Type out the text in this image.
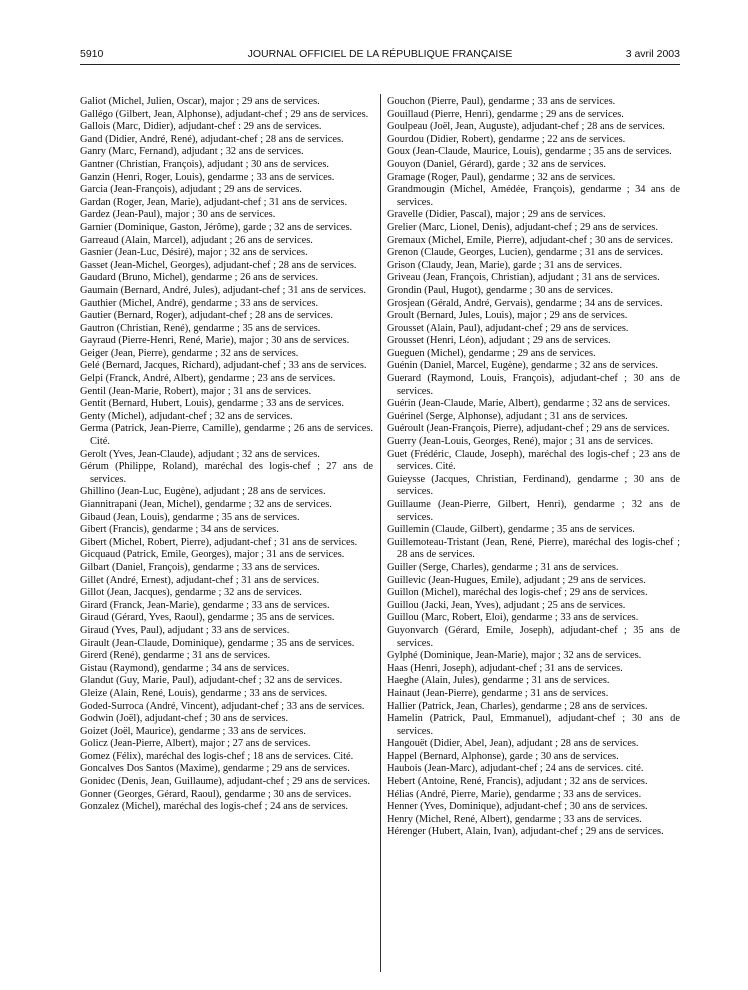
5910	JOURNAL OFFICIEL DE LA RÉPUBLIQUE FRANÇAISE	3 avril 2003

Galiot (Michel, Julien, Oscar), major ; 29 ans de services.

Gallégo (Gilbert, Jean, Alphonse), adjudant-chef ; 29 ans de services.

Gallois (Marc, Didier), adjudant-chef : 29 ans de services.

Gand (Didier, André, René), adjudant-chef ; 28 ans de services.

Ganry (Marc, Fernand), adjudant ; 32 ans de services.

Gantner (Christian, François), adjudant ; 30 ans de services.

Ganzin (Henri, Roger, Louis), gendarme ; 33 ans de services.

Garcia (Jean-François), adjudant ; 29 ans de services.

Gardan (Roger, Jean, Marie), adjudant-chef ; 31 ans de services.

Gardez (Jean-Paul), major ; 30 ans de services.

Garnier (Dominique, Gaston, Jérôme), garde ; 32 ans de services.

Garreaud (Alain, Marcel), adjudant ; 26 ans de services.

Gasnier (Jean-Luc, Désiré), major ; 32 ans de services.

Gasset (Jean-Michel, Georges), adjudant-chef ; 28 ans de services.

Gaudard (Bruno, Michel), gendarme ; 26 ans de services.

Gaumain (Bernard, André, Jules), adjudant-chef ; 31 ans de services.

Gauthier (Michel, André), gendarme ; 33 ans de services.

Gautier (Bernard, Roger), adjudant-chef ; 28 ans de services.

Gautron (Christian, René), gendarme ; 35 ans de services.

Gayraud (Pierre-Henri, René, Marie), major ; 30 ans de services.

Geiger (Jean, Pierre), gendarme ; 32 ans de services.

Gelé (Bernard, Jacques, Richard), adjudant-chef ; 33 ans de services.

Gelpi (Franck, André, Albert), gendarme ; 23 ans de services.

Gentil (Jean-Marie, Robert), major ; 31 ans de services.

Gentit (Bernard, Hubert, Louis), gendarme ; 33 ans de services.

Genty (Michel), adjudant-chef ; 32 ans de services.

Germa (Patrick, Jean-Pierre, Camille), gendarme ; 26 ans de services. Cité.

Gerolt (Yves, Jean-Claude), adjudant ; 32 ans de services.

Gérum (Philippe, Roland), maréchal des logis-chef ; 27 ans de services.

Ghillino (Jean-Luc, Eugène), adjudant ; 28 ans de services.

Giannitrapani (Jean, Michel), gendarme ; 32 ans de services.

Gibaud (Jean, Louis), gendarme ; 35 ans de services.

Gibert (Francis), gendarme ; 34 ans de services.

Gibert (Michel, Robert, Pierre), adjudant-chef ; 31 ans de services.

Gicquaud (Patrick, Emile, Georges), major ; 31 ans de services.

Gilbart (Daniel, François), gendarme ; 33 ans de services.

Gillet (André, Ernest), adjudant-chef ; 31 ans de services.

Gillot (Jean, Jacques), gendarme ; 32 ans de services.

Girard (Franck, Jean-Marie), gendarme ; 33 ans de services.

Giraud (Gérard, Yves, Raoul), gendarme ; 35 ans de services.

Giraud (Yves, Paul), adjudant ; 33 ans de services.

Girault (Jean-Claude, Dominique), gendarme ; 35 ans de services.

Girerd (René), gendarme ; 31 ans de services.

Gistau (Raymond), gendarme ; 34 ans de services.

Glandut (Guy, Marie, Paul), adjudant-chef ; 32 ans de services.

Gleize (Alain, René, Louis), gendarme ; 33 ans de services.

Goded-Surroca (André, Vincent), adjudant-chef ; 33 ans de services.

Godwin (Joël), adjudant-chef ; 30 ans de services.

Goizet (Joël, Maurice), gendarme ; 33 ans de services.

Golicz (Jean-Pierre, Albert), major ; 27 ans de services.

Gomez (Félix), maréchal des logis-chef ; 18 ans de services. Cité.

Goncalves Dos Santos (Maxime), gendarme ; 29 ans de services.

Gonidec (Denis, Jean, Guillaume), adjudant-chef ; 29 ans de services.

Gonner (Georges, Gérard, Raoul), gendarme ; 30 ans de services.

Gonzalez (Michel), maréchal des logis-chef ; 24 ans de services.

Gouchon (Pierre, Paul), gendarme ; 33 ans de services.

Gouillaud (Pierre, Henri), gendarme ; 29 ans de services.

Goulpeau (Joël, Jean, Auguste), adjudant-chef ; 28 ans de services.

Gourdou (Didier, Robert), gendarme ; 22 ans de services.

Goux (Jean-Claude, Maurice, Louis), gendarme ; 35 ans de services.

Gouyon (Daniel, Gérard), garde ; 32 ans de services.

Gramage (Roger, Paul), gendarme ; 32 ans de services.

Grandmougin (Michel, Amédée, François), gendarme ; 34 ans de services.

Gravelle (Didier, Pascal), major ; 29 ans de services.

Grelier (Marc, Lionel, Denis), adjudant-chef ; 29 ans de services.

Gremaux (Michel, Emile, Pierre), adjudant-chef ; 30 ans de services.

Grenon (Claude, Georges, Lucien), gendarme ; 31 ans de services.

Grison (Claudy, Jean, Marie), garde ; 31 ans de services.

Griveau (Jean, François, Christian), adjudant ; 31 ans de services.

Grondin (Paul, Hugot), gendarme ; 30 ans de services.

Grosjean (Gérald, André, Gervais), gendarme ; 34 ans de services.

Groult (Bernard, Jules, Louis), major ; 29 ans de services.

Grousset (Alain, Paul), adjudant-chef ; 29 ans de services.

Grousset (Henri, Léon), adjudant ; 29 ans de services.

Gueguen (Michel), gendarme ; 29 ans de services.

Guénin (Daniel, Marcel, Eugène), gendarme ; 32 ans de services.

Guerard (Raymond, Louis, François), adjudant-chef ; 30 ans de services.

Guérin (Jean-Claude, Marie, Albert), gendarme ; 32 ans de services.

Guérinel (Serge, Alphonse), adjudant ; 31 ans de services.

Guéroult (Jean-François, Pierre), adjudant-chef ; 29 ans de services.

Guerry (Jean-Louis, Georges, René), major ; 31 ans de services.

Guet (Frédéric, Claude, Joseph), maréchal des logis-chef ; 23 ans de services. Cité.

Guieysse (Jacques, Christian, Ferdinand), gendarme ; 30 ans de services.

Guillaume (Jean-Pierre, Gilbert, Henri), gendarme ; 32 ans de services.

Guillemin (Claude, Gilbert), gendarme ; 35 ans de services.

Guillemoteau-Tristant (Jean, René, Pierre), maréchal des logis-chef ; 28 ans de services.

Guiller (Serge, Charles), gendarme ; 31 ans de services.

Guillevic (Jean-Hugues, Emile), adjudant ; 29 ans de services.

Guillon (Michel), maréchal des logis-chef ; 29 ans de services.

Guillou (Jacki, Jean, Yves), adjudant ; 25 ans de services.

Guillou (Marc, Robert, Eloi), gendarme ; 33 ans de services.

Guyonvarch (Gérard, Emile, Joseph), adjudant-chef ; 35 ans de services.

Gylphé (Dominique, Jean-Marie), major ; 32 ans de services.

Haas (Henri, Joseph), adjudant-chef ; 31 ans de services.

Haeghe (Alain, Jules), gendarme ; 31 ans de services.

Hainaut (Jean-Pierre), gendarme ; 31 ans de services.

Hallier (Patrick, Jean, Charles), gendarme ; 28 ans de services.

Hamelin (Patrick, Paul, Emmanuel), adjudant-chef ; 30 ans de services.

Hangouët (Didier, Abel, Jean), adjudant ; 28 ans de services.

Happel (Bernard, Alphonse), garde ; 30 ans de services.

Haubois (Jean-Marc), adjudant-chef ; 24 ans de services. cité.

Hebert (Antoine, René, Francis), adjudant ; 32 ans de services.

Hélias (André, Pierre, Marie), gendarme ; 33 ans de services.

Henner (Yves, Dominique), adjudant-chef ; 30 ans de services.

Henry (Michel, René, Albert), gendarme ; 33 ans de services.

Hérenger (Hubert, Alain, Ivan), adjudant-chef ; 29 ans de services.
